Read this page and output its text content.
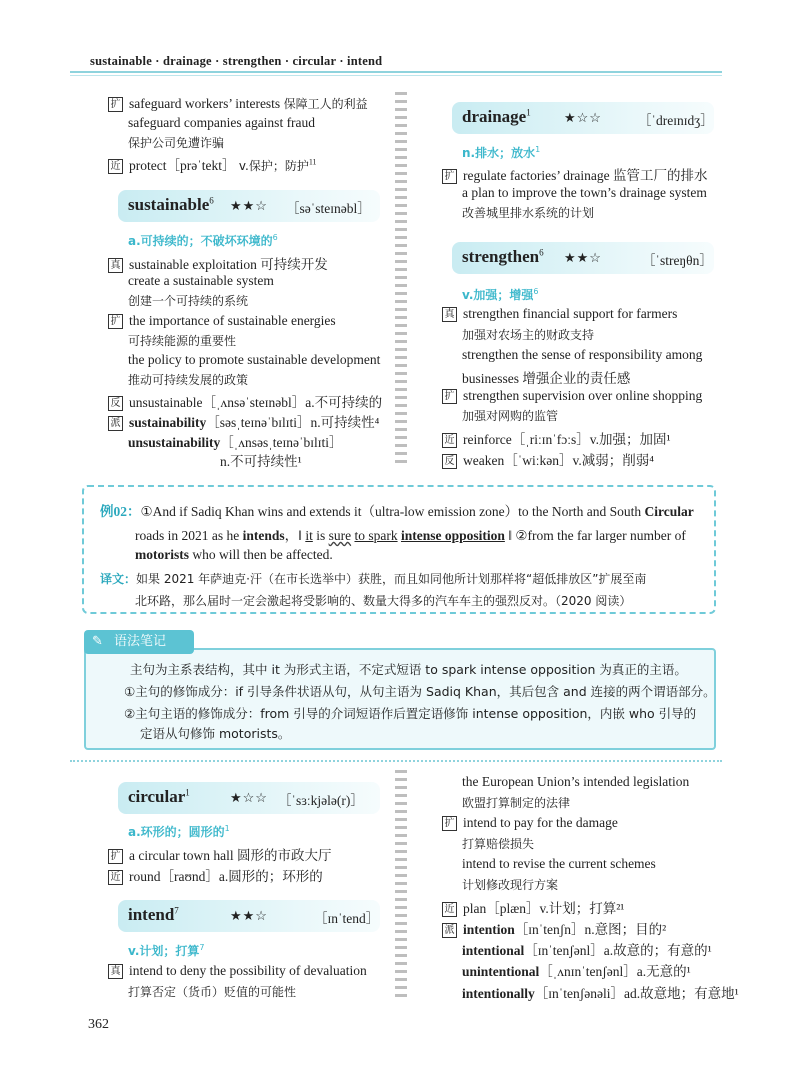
sustainable · drainage · strengthen · circular · intend
扩 safeguard workers’ interests 保障工人的利益
safeguard companies against fraud
保护公司免遭诈骗
近 protect［prəˈtekt］ v.保护；防护$^{11}$
sustainable$^6$ ★★☆ ［səˈsteɪnəbl］
a.可持续的；不破坏环境的$^6$
真 sustainable exploitation 可持续开发
create a sustainable system
创建一个可持续的系统
扩 the importance of sustainable energies
可持续能源的重要性
the policy to promote sustainable development
推动可持续发展的政策
反 unsustainable［ˌʌnsəˈsteɪnəbl］a.不可持续的
派 sustainability［səsˌteɪnəˈbɪlɪti］n.可持续性⁴
unsustainability［ˌʌnsəsˌteɪnəˈbɪlɪti］
n.不可持续性¹
drainage$^1$	★☆☆	［ˈdreɪnɪdʒ］
n.排水；放水$^1$
扩 regulate factories’ drainage 监管工厂的排水
a plan to improve the town’s drainage system
改善城里排水系统的计划
strengthen$^6$ ★★☆	［ˈstreŋθn］
v.加强；增强$^6$
真 strengthen financial support for farmers
加强对农场主的财政支持
strengthen the sense of responsibility among
businesses 增强企业的责任感
扩 strengthen supervision over online shopping
加强对网购的监管
近 reinforce［ˌriːɪnˈfɔːs］v.加强；加固¹
反 weaken［ˈwiːkən］v.减弱；削弱⁴
例02：①And if Sadiq Khan wins and extends it（ultra-low emission zone）to the North and South Circular
roads in 2021 as he intends，‖ it is sure to spark intense opposition ‖ ②from the far larger number of
motorists who will then be affected.
译文：如果 2021 年萨迪克·汗（在市长选举中）获胜，而且如同他所计划那样将“超低排放区”扩展至南
北环路，那么届时一定会激起将受影响的、数量大得多的汽车车主的强烈反对。（2020 阅读）
✎ 语法笔记
主句为主系表结构，其中 it 为形式主语，不定式短语 to spark intense opposition 为真正的主语。
①主句的修饰成分：if 引导条件状语从句，从句主语为 Sadiq Khan，其后包含 and 连接的两个谓语部分。
②主句主语的修饰成分：from 引导的介词短语作后置定语修饰 intense opposition，内嵌 who 引导的
定语从句修饰 motorists。
circular$^1$	★☆☆ ［ˈsɜːkjələ(r)］
a.环形的；圆形的$^1$
扩 a circular town hall 圆形的市政大厅
近 round［raʊnd］a.圆形的；环形的
intend$^7$	★★☆	［ɪnˈtend］
v.计划；打算$^7$
真 intend to deny the possibility of devaluation
打算否定（货币）贬值的可能性
the European Union’s intended legislation
欧盟打算制定的法律
扩 intend to pay for the damage
打算赔偿损失
intend to revise the current schemes
计划修改现行方案
近 plan［plæn］v.计划；打算²¹
派 intention［ɪnˈtenʃn］n.意图；目的²
intentional［ɪnˈtenʃənl］a.故意的；有意的¹
unintentional［ˌʌnɪnˈtenʃənl］a.无意的¹
intentionally［ɪnˈtenʃənəli］ad.故意地；有意地¹
362
